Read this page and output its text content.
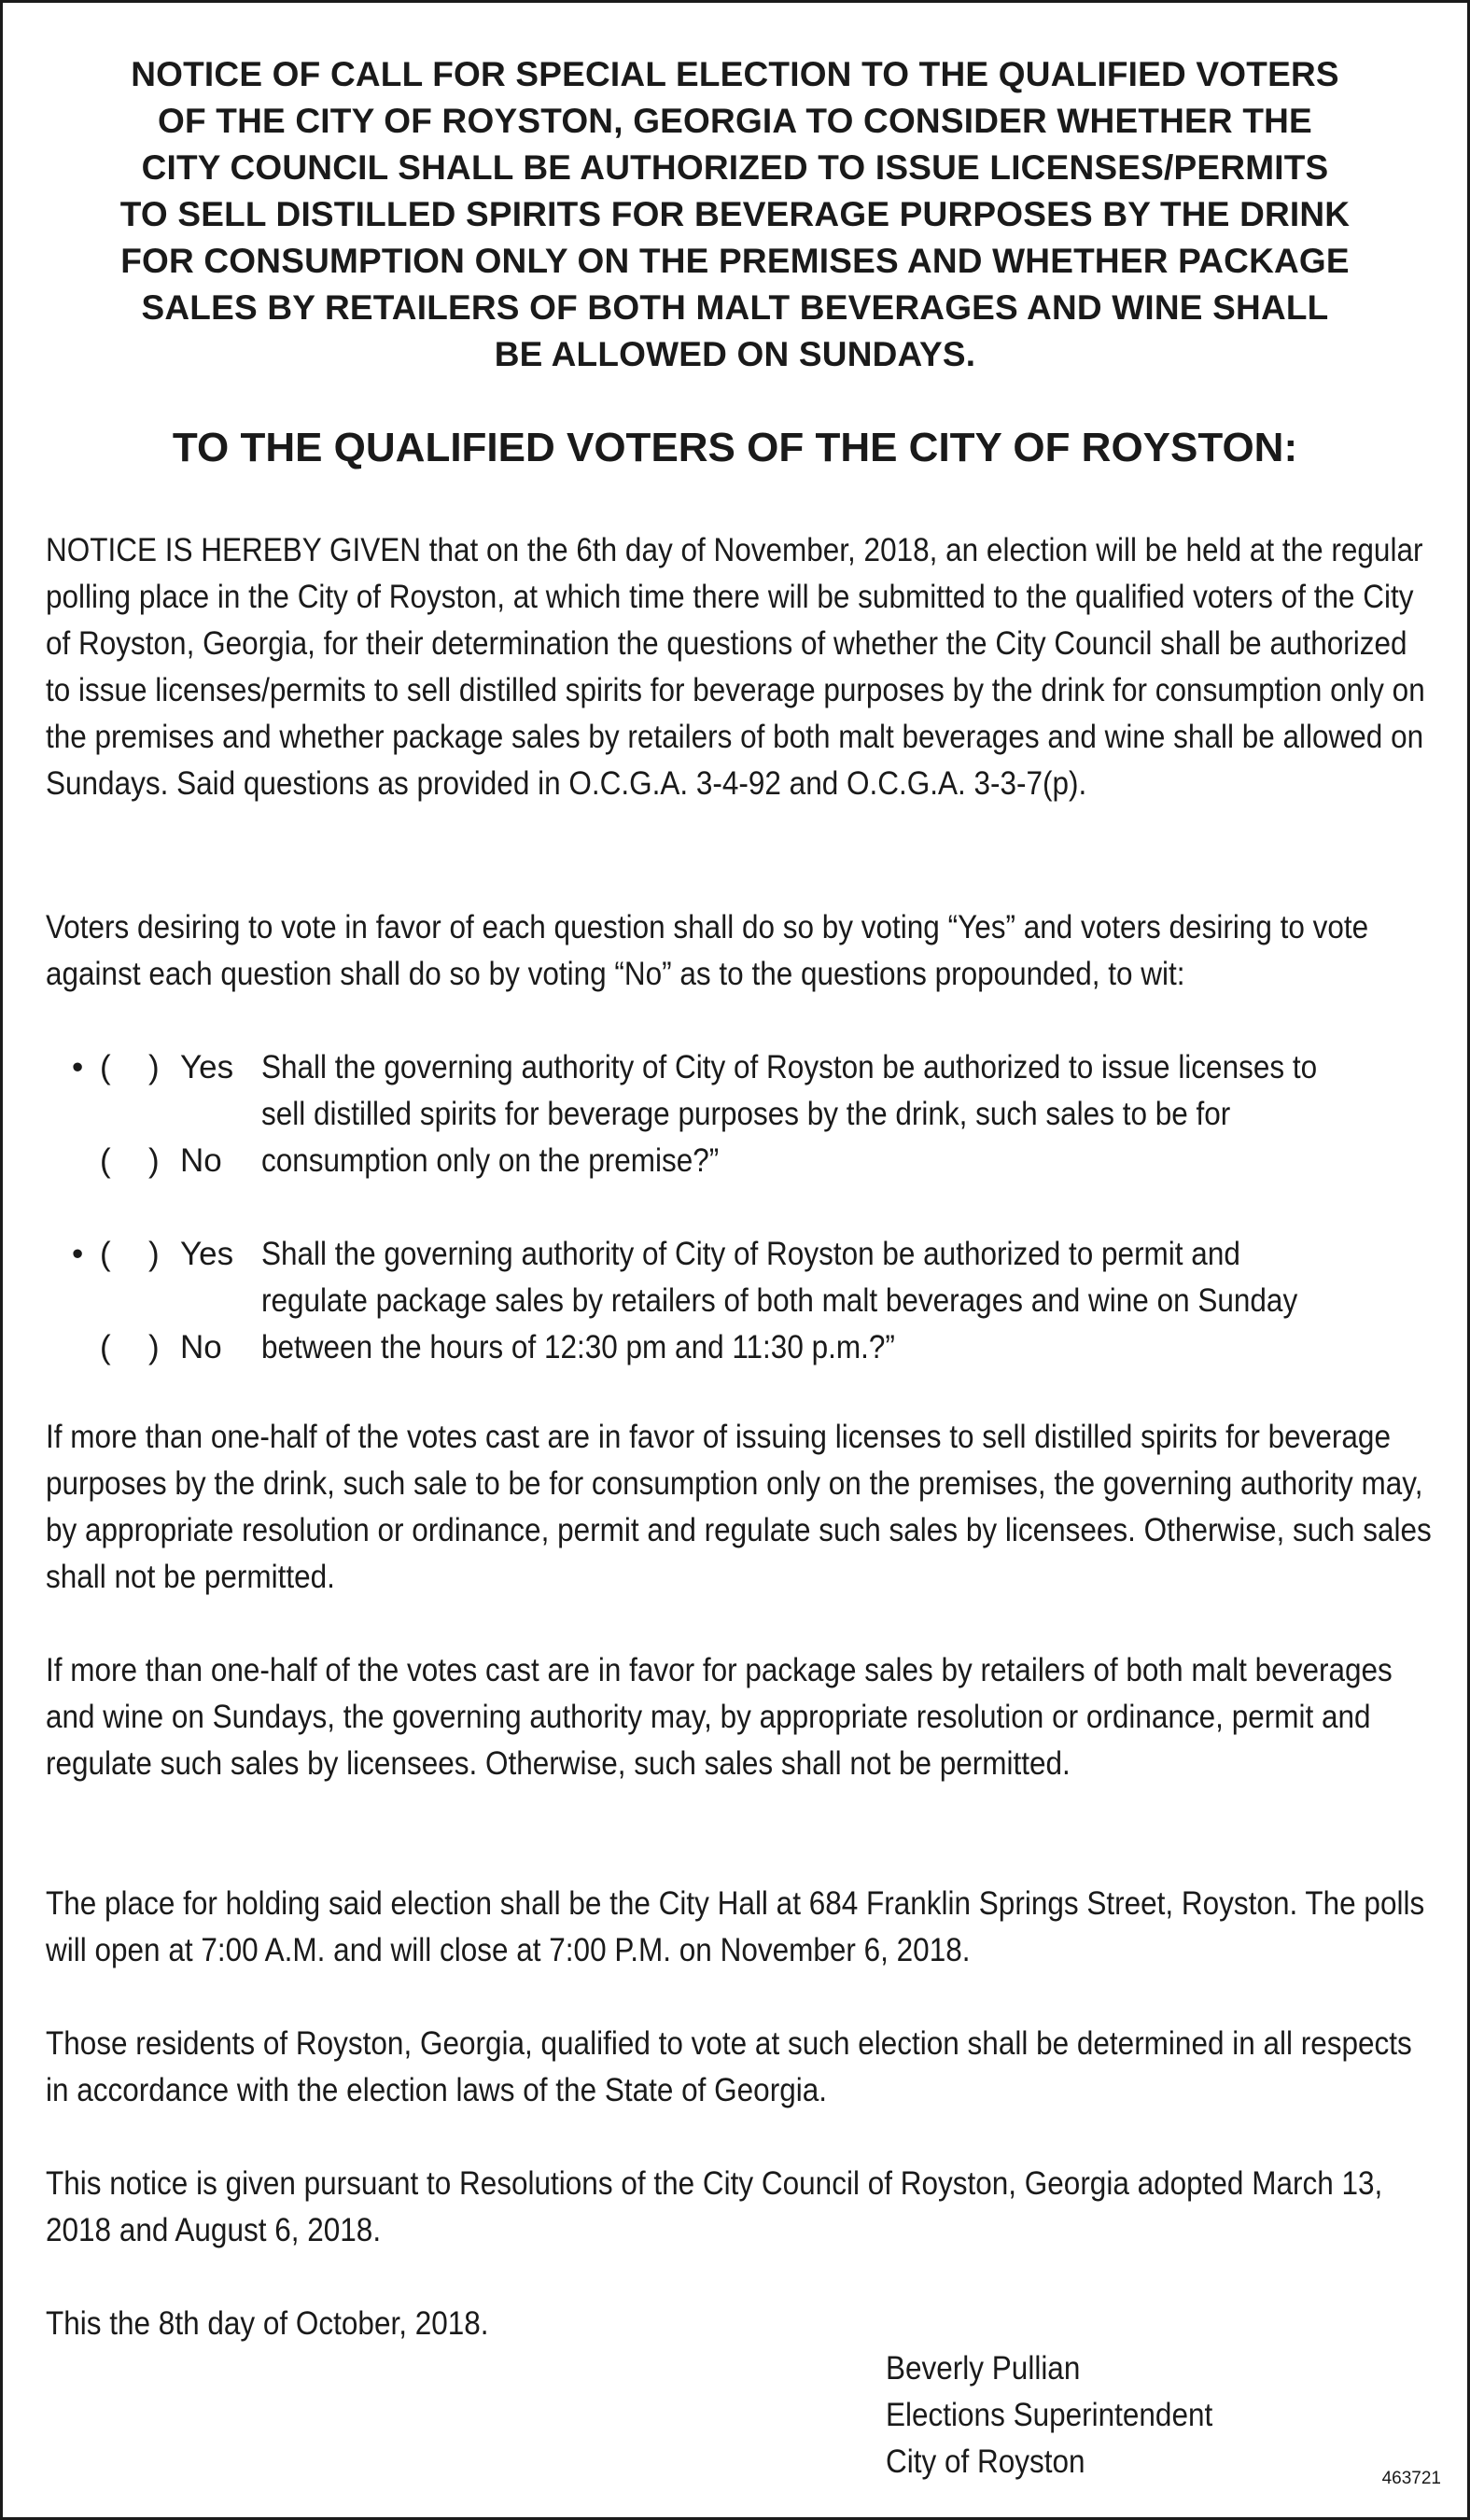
NOTICE OF CALL FOR SPECIAL ELECTION TO THE QUALIFIED VOTERS
OF THE CITY OF ROYSTON, GEORGIA TO CONSIDER WHETHER THE
CITY COUNCIL SHALL BE AUTHORIZED TO ISSUE LICENSES/PERMITS
TO SELL DISTILLED SPIRITS FOR BEVERAGE PURPOSES BY THE DRINK
FOR CONSUMPTION ONLY ON THE PREMISES AND WHETHER PACKAGE
SALES BY RETAILERS OF BOTH MALT BEVERAGES AND WINE SHALL
BE ALLOWED ON SUNDAYS.
TO THE QUALIFIED VOTERS OF THE CITY OF ROYSTON:

NOTICE IS HEREBY GIVEN that on the 6th day of November, 2018, an election will be held at the regular polling place in the City of Royston, at which time there will be submitted to the qualified voters of the City of Royston, Georgia, for their determination the questions of whether the City Council shall be authorized to issue licenses/permits to sell distilled spirits for beverage purposes by the drink for consumption only on the premises and whether package sales by retailers of both malt beverages and wine shall be allowed on Sundays. Said questions as provided in O.C.G.A. 3-4-92 and O.C.G.A. 3-3-7(p).

Voters desiring to vote in favor of each question shall do so by voting “Yes” and voters desiring to vote against each question shall do so by voting “No” as to the questions propounded, to wit:

• ( ) Yes Shall the governing authority of City of Royston be authorized to issue licenses to
sell distilled spirits for beverage purposes by the drink, such sales to be for
( ) No consumption only on the premise?”
• ( ) Yes Shall the governing authority of City of Royston be authorized to permit and
regulate package sales by retailers of both malt beverages and wine on Sunday
( ) No between the hours of 12:30 pm and 11:30 p.m.?”

If more than one-half of the votes cast are in favor of issuing licenses to sell distilled spirits for beverage purposes by the drink, such sale to be for consumption only on the premises, the governing authority may, by appropriate resolution or ordinance, permit and regulate such sales by licensees. Otherwise, such sales shall not be permitted.

If more than one-half of the votes cast are in favor for package sales by retailers of both malt beverages and wine on Sundays, the governing authority may, by appropriate resolution or ordinance, permit and regulate such sales by licensees. Otherwise, such sales shall not be permitted.

The place for holding said election shall be the City Hall at 684 Franklin Springs Street, Royston. The polls will open at 7:00 A.M. and will close at 7:00 P.M. on November 6, 2018.

Those residents of Royston, Georgia, qualified to vote at such election shall be determined in all respects in accordance with the election laws of the State of Georgia.

This notice is given pursuant to Resolutions of the City Council of Royston, Georgia adopted March 13, 2018 and August 6, 2018.

This the 8th day of October, 2018.

Beverly Pullian
Elections Superintendent
City of Royston	463721
